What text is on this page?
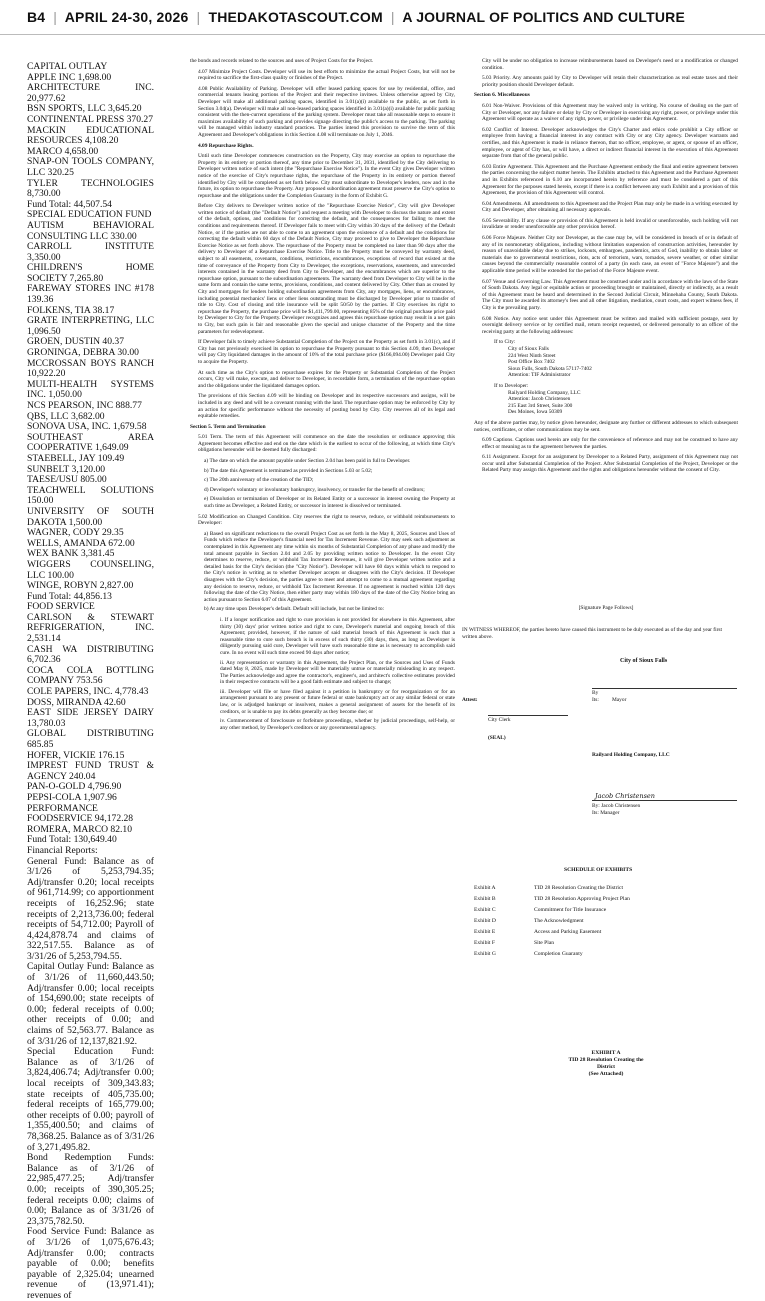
B4 | APRIL 24-30, 2026 | THEDAKOTASCOUT.COM | A JOURNAL OF POLITICS AND CULTURE
CAPITAL OUTLAY
APPLE INC 1,698.00
ARCHITECTURE INC. 20,977.62
BSN SPORTS, LLC 3,645.20
CONTINENTAL PRESS 370.27
MACKIN EDUCATIONAL RESOURCES 4,108.20
MARCO 4,658.00
SNAP-ON TOOLS COMPANY, LLC 320.25
TYLER TECHNOLOGIES 8,730.00
Fund Total: 44,507.54
SPECIAL EDUCATION FUND
AUTISM BEHAVIORAL CONSULTING LLC 330.00
CARROLL INSTITUTE 3,350.00
CHILDREN'S HOME SOCIETY 7,265.80
FAREWAY STORES INC #178 139.36
FOLKENS, TIA 38.17
GRATE INTERPRETING, LLC 1,096.50
GROEN, DUSTIN 40.37
GRONINGA, DEBRA 30.00
MCCROSSAN BOYS RANCH 10,922.20
MULTI-HEALTH SYSTEMS INC. 1,050.00
NCS PEARSON, INC 888.77
QBS, LLC 3,682.00
SONOVA USA, INC. 1,679.58
SOUTHEAST AREA COOPERATIVE 1,649.09
STAEBELL, JAY 109.49
SUNBELT 3,120.00
TAESE/USU 805.00
TEACHWELL SOLUTIONS 150.00
UNIVERSITY OF SOUTH DAKOTA 1,500.00
WAGNER, CODY 29.35
WELLS, AMANDA 672.00
WEX BANK 3,381.45
WIGGERS COUNSELING, LLC 100.00
WINGE, ROBYN 2,827.00
Fund Total: 44,856.13
FOOD SERVICE
CARLSON & STEWART REFRIGERATION, INC. 2,531.14
CASH WA DISTRIBUTING 6,702.36
COCA COLA BOTTLING COMPANY 753.56
COLE PAPERS, INC. 4,778.43
DOSS, MIRANDA 42.60
EAST SIDE JERSEY DAIRY 13,780.03
GLOBAL DISTRIBUTING 685.85
HOFER, VICKIE 176.15
IMPREST FUND TRUST & AGENCY 240.04
PAN-O-GOLD 4,796.90
PEPSI-COLA 1,907.96
PERFORMANCE FOODSERVICE 94,172.28
ROMERA, MARCO 82.10
Fund Total: 130,649.40
Financial Reports:
General Fund: Balance as of 3/1/26 of 5,253,794.35; Adj/transfer 0.20; local receipts of 961,714.99; co apportionment receipts of 16,252.96; state receipts of 2,213,736.00; federal receipts of 54,712.00; Payroll of 4,424,878.74 and claims of 322,517.55. Balance as of 3/31/26 of 5,253,794.55.
Capital Outlay Fund: Balance as of 3/1/26 of 11,660,443.50; Adj/transfer 0.00; local receipts of 154,690.00; state receipts of 0.00; federal receipts of 0.00; other receipts of 0.00; and claims of 52,563.77. Balance as of 3/31/26 of 12,137,821.92.
Special Education Fund: Balance as of 3/1/26 of 3,824,406.74; Adj/transfer 0.00; local receipts of 309,343.83; state receipts of 405,735.00; federal receipts of 165,779.00; other receipts of 0.00; payroll of 1,355,400.50; and claims of 78,368.25. Balance as of 3/31/26 of 3,271,495.82.
Bond Redemption Funds: Balance as of 3/1/26 of 22,985,477.25; Adj/transfer 0.00; receipts of 390,305.25; federal receipts 0.00; claims of 0.00; Balance as of 3/31/26 of 23,375,782.50.
Food Service Fund: Balance as of 3/1/26 of 1,075,676.43; Adj/transfer 0.00; contracts payable of 0.00; benefits payable of 2,325.04; unearned revenue of (13,971.41); revenues of

the bonds and records related to the sources and uses of Project Costs for the Project.

4.07 Minimize Project Costs. Developer will use its best efforts to minimize the actual Project Costs, but will not be required to sacrifice the first-class quality or finishes of the Project.

4.08 Public Availability of Parking. Developer will offer leased parking spaces for use by residential, office, and commercial tenants leasing portions of the Project and their respective invitees. Unless otherwise agreed by City, Developer will make all additional parking spaces, identified in 3.01(a)(i) available to the public, as set forth in Section 3.04(a). Developer will make all non-leased parking spaces identified in 3.01(a)(i) available for public parking consistent with the then-current operations of the parking system. Developer must take all reasonable steps to ensure it maximizes availability of such parking and provides signage directing the public's access to the parking. The parking will be managed within industry standard practices. The parties intend this provision to survive the term of this Agreement and Developer's obligations in this Section 4.08 will terminate on July 1, 2046.

4.09 Repurchase Rights.

Until such time Developer commences construction on the Property, City may exercise an option to repurchase the Property in its entirety or portion thereof, any time prior to December 31, 2031, identified by the City delivering to Developer written notice of such intent (the "Repurchase Exercise Notice"). In the event City gives Developer written notice of the exercise of City's repurchase rights, the repurchase of the Property in its entirety or portion thereof identified by City will be completed as set forth below. City must subordinate to Developer's lenders, now and in the future, its option to repurchase the Property. Any proposed subordination agreement must preserve the City's option to repurchase and the obligations under the Completion Guaranty in the form of Exhibit G.

Before City delivers to Developer written notice of the "Repurchase Exercise Notice", City will give Developer written notice of default (the "Default Notice") and request a meeting with Developer to discuss the nature and extent of the default, options, and conditions for correcting the default, and the consequences for failing to meet the conditions and requirements thereof. If Developer fails to meet with City within 30 days of the delivery of the Default Notice, or if the parties are not able to come to an agreement upon the existence of a default and the conditions for correcting the default within 60 days of the Default Notice, City may proceed to give to Developer the Repurchase Exercise Notice as set forth above. The repurchase of the Property must be completed no later than 90 days after the delivery to Developer of a Repurchase Exercise Notice. Title to the Property must be conveyed by warranty deed, subject to all easements, covenants, conditions, restrictions, encumbrances, exceptions of record that existed at the time of conveyance of the Property from City to Developer, the exceptions, reservations, easements, and unrecorded interests contained in the warranty deed from City to Developer, and the encumbrances which are superior to the repurchase option, pursuant to the subordination agreements. The warranty deed from Developer to City will be in the same form and contain the same terms, provisions, conditions, and content delivered by City. Other than as created by City and mortgages for lenders holding subordination agreements from City, any mortgages, liens, or encumbrances, including potential mechanics' liens or other liens outstanding must be discharged by Developer prior to transfer of title to City. Cost of closing and title insurance will be split 50/50 by the parties. If City exercises its right to repurchase the Property, the purchase price will be $1,411,799.00, representing 85% of the original purchase price paid by Developer to City for the Property. Developer recognizes and agrees this repurchase option may result in a net gain to City, but such gain is fair and reasonable given the special and unique character of the Property and the time parameters for redevelopment.

If Developer fails to timely achieve Substantial Completion of the Project on the Property as set forth in 3.01(c), and if City has not previously exercised its option to repurchase the Property pursuant to this Section 4.09, then Developer will pay City liquidated damages in the amount of 10% of the total purchase price ($166,094.00) Developer paid City to acquire the Property.

At such time as the City's option to repurchase expires for the Property or Substantial Completion of the Project occurs, City will make, execute, and deliver to Developer, in recordable form, a termination of the repurchase option and the obligations under the liquidated damages option.

The provisions of this Section 4.09 will be binding on Developer and its respective successors and assigns, will be included in any deed and will be a covenant running with the land. The repurchase option may be enforced by City by an action for specific performance without the necessity of posting bond by City. City reserves all of its legal and equitable remedies.

Section 5. Term and Termination

5.01 Term. The term of this Agreement will commence on the date the resolution or ordinance approving this Agreement becomes effective and end on the date which is the earliest to occur of the following, at which time City's obligations hereunder will be deemed fully discharged:

a) The date on which the amount payable under Section 2.04 has been paid in full to Developer.
b) The date this Agreement is terminated as provided in Sections 5.03 or 5.02;
c) The 20th anniversary of the creation of the TID;
d) Developer's voluntary or involuntary bankruptcy, insolvency, or transfer for the benefit of creditors;
e) Dissolution or termination of Developer or its Related Entity or a successor in interest owning the Property at such time as Developer, a Related Entity, or successor in interest is dissolved or terminated.

5.02 Modification on Changed Condition. City reserves the right to reserve, reduce, or withhold reimbursements to Developer:

a) Based on significant reductions to the overall Project Cost as set forth in the May 8, 2025, Sources and Uses of Funds which reduce the Developer's financial need for Tax Increment Revenue. City may seek such adjustment as contemplated in this Agreement any time within six months of Substantial Completion of any phase and modify the total amount payable in Section 2.04 and 2.05 by providing written notice to Developer. In the event City determines to reserve, reduce, or withhold Tax Increment Revenues, it will give Developer written notice and a detailed basis for the City's decision (the "City Notice"). Developer will have 60 days within which to respond to the City's notice in writing as to whether Developer accepts or disagrees with the City's decision. If Developer disagrees with the City's decision, the parties agree to meet and attempt to come to a mutual agreement regarding any decision to reserve, reduce, or withhold Tax Increment Revenue. If no agreement is reached within 120 days following the date of the City Notice, then either party may within 180 days of the date of the City Notice bring an action pursuant to Section 6.07 of this Agreement.
b) At any time upon Developer's default. Default will include, but not be limited to:
i. If a longer notification and right to cure provision is not provided for elsewhere in this Agreement, after thirty (30) days' prior written notice and right to cure, Developer's material and ongoing breach of this Agreement; provided, however, if the nature of said material breach of this Agreement is such that a reasonable time to cure such breach is in excess of such thirty (30) days, then, as long as Developer is diligently pursuing said cure, Developer will have such reasonable time as is necessary to accomplish said cure. In no event will such time exceed 90 days after notice;
ii. Any representation or warranty in this Agreement, the Project Plan, or the Sources and Uses of Funds dated May 8, 2025, made by Developer will be materially untrue or materially misleading in any respect. The Parties acknowledge and agree the contractor's, engineer's, and architect's collective estimates provided in their respective contracts will be a good faith estimate and subject to change;
iii. Developer will file or have filed against it a petition in bankruptcy or for reorganization or for an arrangement pursuant to any present or future federal or state bankruptcy act or any similar federal or state law, or is adjudged bankrupt or insolvent, makes a general assignment of assets for the benefit of its creditors, or is unable to pay its debts generally as they become due; or
iv. Commencement of foreclosure or forfeiture proceedings, whether by judicial proceedings, self-help, or any other method, by Developer's creditors or any governmental agency.

City will be under no obligation to increase reimbursements based on Developer's need or a modification or changed condition.

5.03 Priority. Any amounts paid by City to Developer will retain their characterization as real estate taxes and their priority position should Developer default.

Section 6. Miscellaneous

6.01 Non-Waiver. Provisions of this Agreement may be waived only in writing. No course of dealing on the part of City or Developer, nor any failure or delay by City or Developer in exercising any right, power, or privilege under this Agreement will operate as a waiver of any right, power, or privilege under this Agreement.

6.02 Conflict of Interest. Developer acknowledges the City's Charter and ethics code prohibit a City officer or employee from having a financial interest in any contract with City or any City agency. Developer warrants and certifies, and this Agreement is made in reliance thereon, that no officer, employee, or agent, or spouse of an officer, employee, or agent of City has, or will have, a direct or indirect financial interest in the execution of this Agreement separate from that of the general public.

6.03 Entire Agreement. This Agreement and the Purchase Agreement embody the final and entire agreement between the parties concerning the subject matter herein. The Exhibits attached to this Agreement and the Purchase Agreement and its Exhibits referenced in 6.10 are incorporated herein by reference and must be considered a part of this Agreement for the purposes stated herein, except if there is a conflict between any such Exhibit and a provision of this Agreement, the provision of this Agreement will control.

6.04 Amendments. All amendments to this Agreement and the Project Plan may only be made in a writing executed by City and Developer, after obtaining all necessary approvals.

6.05 Severability. If any clause or provision of this Agreement is held invalid or unenforceable, such holding will not invalidate or render unenforceable any other provision hereof.

6.06 Force Majeure. Neither City nor Developer, as the case may be, will be considered in breach of or in default of any of its nonmonetary obligations, including without limitation suspension of construction activities, hereunder by reason of unavoidable delay due to strikes, lockouts, embargoes, pandemics, acts of God, inability to obtain labor or materials due to governmental restrictions, riots, acts of terrorism, wars, tornados, severe weather, or other similar causes beyond the commercially reasonable control of a party (in each case, an event of "Force Majeure") and the applicable time period will be extended for the period of the Force Majeure event.

6.07 Venue and Governing Law. This Agreement must be construed under and in accordance with the laws of the State of South Dakota. Any legal or equitable action or proceeding brought or maintained, directly or indirectly, as a result of this Agreement must be heard and determined in the Second Judicial Circuit, Minnehaha County, South Dakota. The City must be awarded its attorney's fees and all other litigation, mediation, court costs, and expert witness fees, if City is the prevailing party.

6.08 Notice. Any notice sent under this Agreement must be written and mailed with sufficient postage, sent by overnight delivery service or by certified mail, return receipt requested, or delivered personally to an officer of the receiving party at the following addresses:

If to City:
City of Sioux Falls
224 West Ninth Street
Post Office Box 7402
Sioux Falls, South Dakota 57117-7402
Attention: TIF Administrator
If to Developer:
Railyard Holding Company, LLC
Attention: Jacob Christensen
215 East 3rd Street, Suite 300
Des Moines, Iowa 50309

Any of the above parties may, by notice given hereunder, designate any further or different addresses to which subsequent notices, certificates, or other communications may be sent.

6.09 Captions. Captions used herein are only for the convenience of reference and may not be construed to have any effect or meaning as to the agreement between the parties.

6.11 Assignment. Except for an assignment by Developer to a Related Party, assignment of this Agreement may not occur until after Substantial Completion of the Project. After Substantial Completion of the Project, Developer or the Related Party may assign this Agreement and the rights and obligations hereunder without the consent of City.

[Signature Page Follows]
IN WITNESS WHEREOF, the parties hereto have caused this instrument to be duly executed as of the day and year first written above.
City of Sioux Falls
By
Its: Mayor
Attest:
City Clerk
(SEAL)
Railyard Holding Company, LLC
Jacob Christensen
By: Jacob Christensen
Its: Manager
SCHEDULE OF EXHIBITS
Exhibit A	TID 28 Resolution Creating the District
Exhibit B	TID 28 Resolution Approving Project Plan
Exhibit C	Commitment for Title Insurance
Exhibit D	The Acknowledgment
Exhibit E	Access and Parking Easement
Exhibit F	Site Plan
Exhibit G	Completion Guaranty
EXHIBIT A
TID 28 Resolution Creating the
District
(See Attached)
